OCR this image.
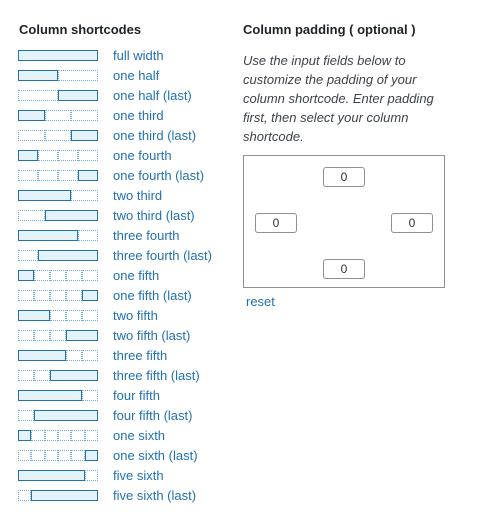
Column shortcodes	Column padding ( optional )
full width
one half
one half (last)
one third
one third (last)
one fourth
one fourth (last)
two third
two third (last)
three fourth
three fourth (last)
one fifth
one fifth (last)
two fifth
two fifth (last)
three fifth
three fifth (last)
four fifth
four fifth (last)
one sixth
one sixth (last)
five sixth
five sixth (last)

Use the input fields below to customize the padding of your column shortcode. Enter padding first, then select your column shortcode.

0
0
0
0
reset
